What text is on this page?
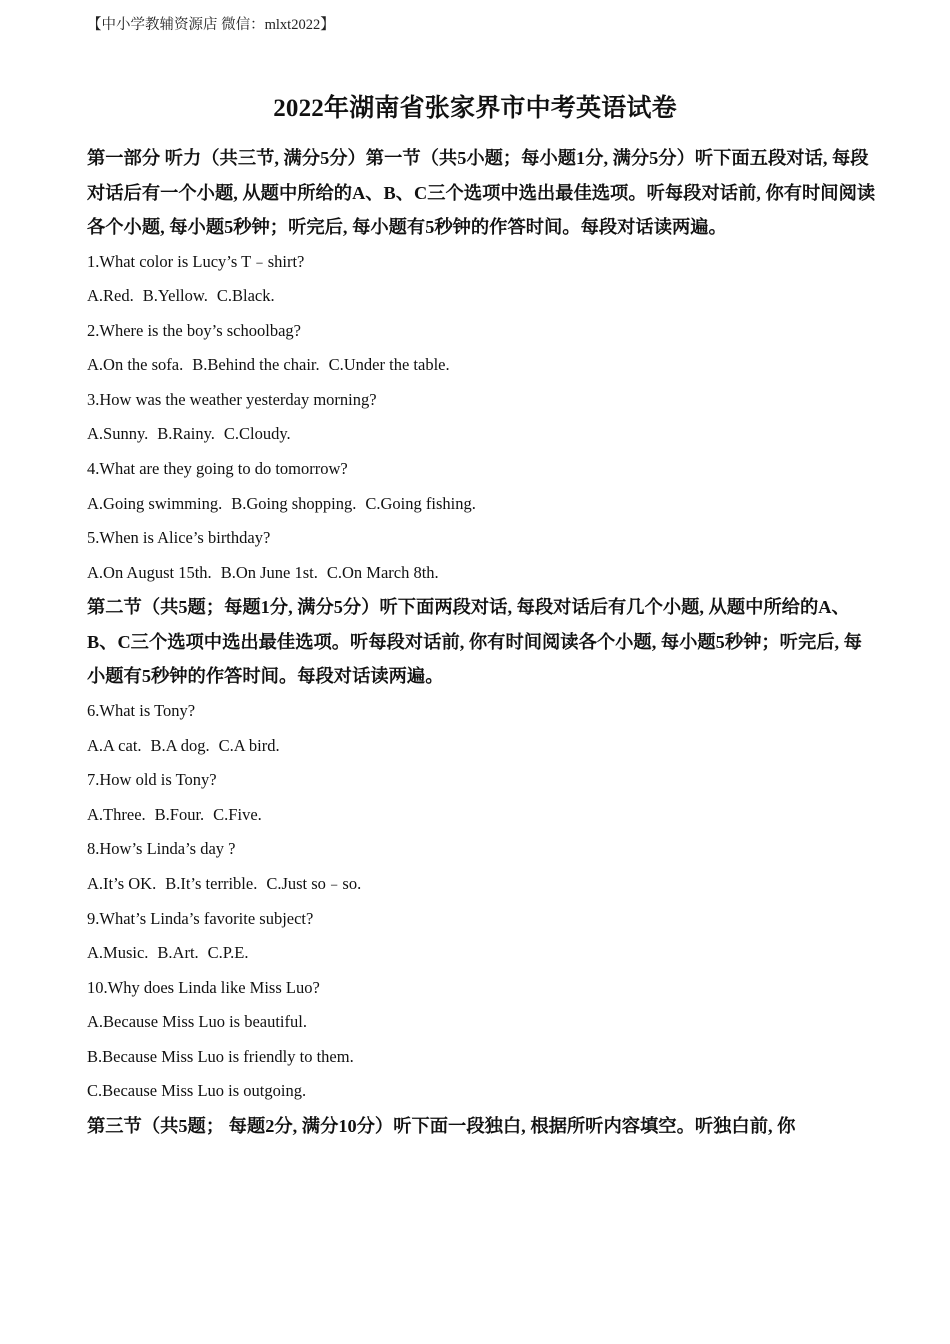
【中小学教辅资源店 微信：mlxt2022】
2022年湖南省张家界市中考英语试卷

第一部分 听力（共三节, 满分5分）第一节（共5小题；每小题1分, 满分5分）听下面五段对话, 每段对话后有一个小题, 从题中所给的A、B、C三个选项中选出最佳选项。听每段对话前, 你有时间阅读各个小题, 每小题5秒钟；听完后, 每小题有5秒钟的作答时间。每段对话读两遍。

1.What color is Lucy’s T﹣shirt?

A.Red. B.Yellow. C.Black.

2.Where is the boy’s schoolbag?

A.On the sofa. B.Behind the chair. C.Under the table.

3.How was the weather yesterday morning?

A.Sunny. B.Rainy. C.Cloudy.

4.What are they going to do tomorrow?

A.Going swimming. B.Going shopping. C.Going fishing.

5.When is Alice’s birthday?

A.On August 15th. B.On June 1st. C.On March 8th.

第二节（共5题；每题1分, 满分5分）听下面两段对话, 每段对话后有几个小题, 从题中所给的A、B、C三个选项中选出最佳选项。听每段对话前, 你有时间阅读各个小题, 每小题5秒钟；听完后, 每小题有5秒钟的作答时间。每段对话读两遍。

6.What is Tony?

A.A cat. B.A dog. C.A bird.

7.How old is Tony?

A.Three. B.Four. C.Five.

8.How’s Linda’s day ?

A.It’s OK. B.It’s terrible. C.Just so﹣so.

9.What’s Linda’s favorite subject?

A.Music. B.Art. C.P.E.

10.Why does Linda like Miss Luo?

A.Because Miss Luo is beautiful.

B.Because Miss Luo is friendly to them.

C.Because Miss Luo is outgoing.

第三节（共5题； 每题2分, 满分10分）听下面一段独白, 根据所听内容填空。听独白前, 你
